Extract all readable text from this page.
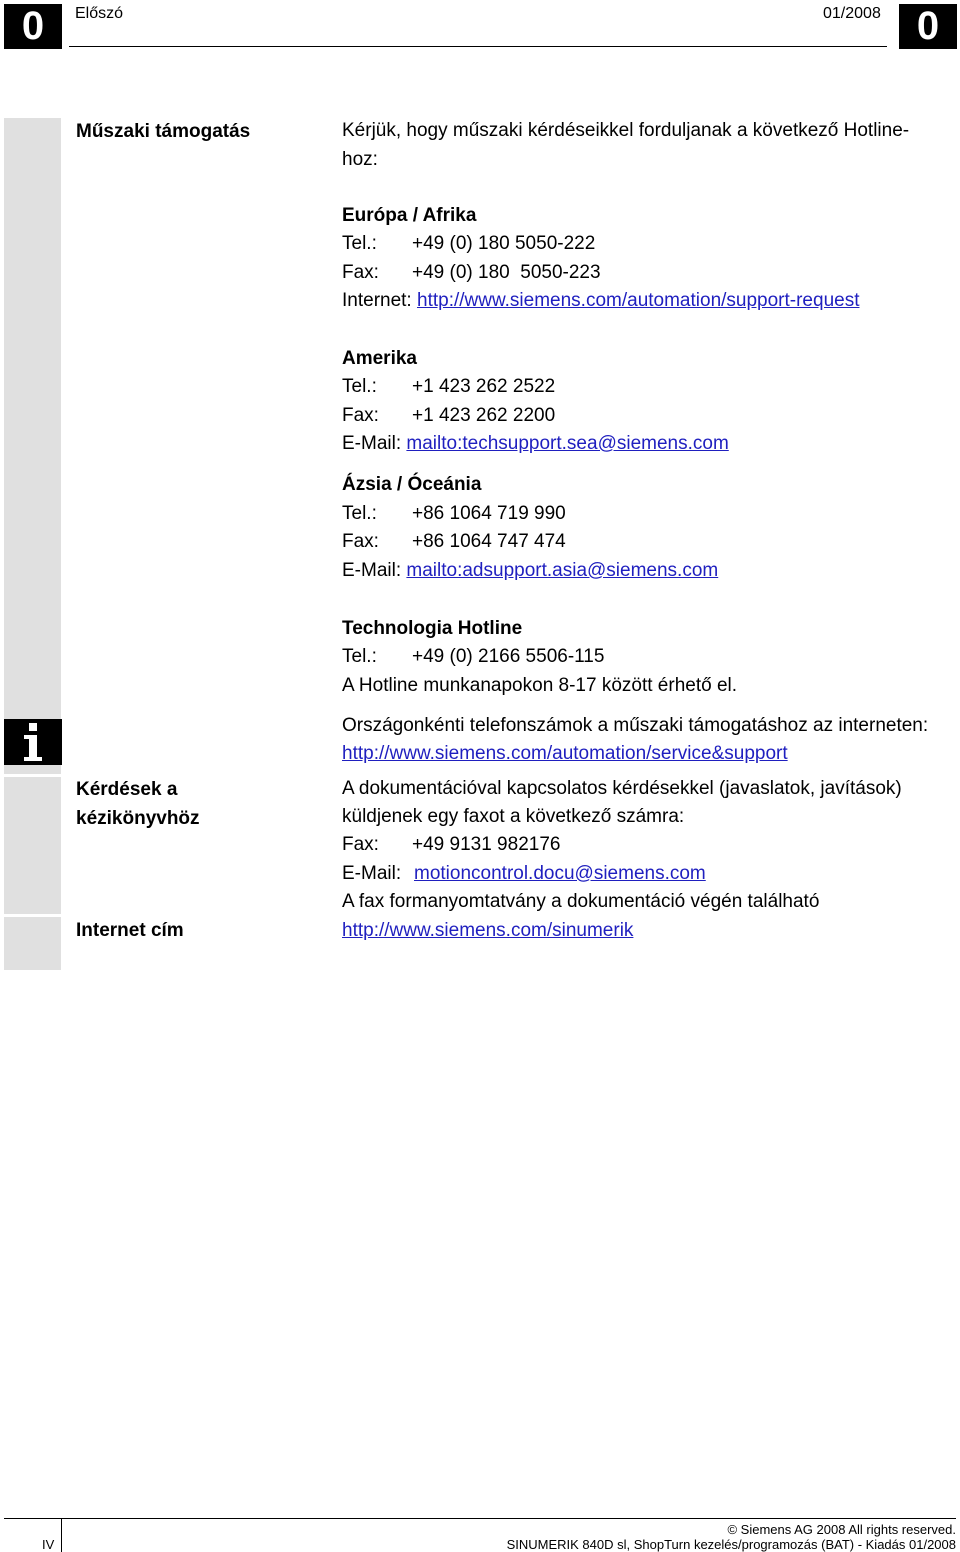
0	Előszó	01/2008 0
Műszaki támogatás
Kérdések a
kézikönyvhöz
Internet cím
Kérjük, hogy műszaki kérdéseikkel forduljanak a következő Hotline-
hoz:
Európa / Afrika
Tel.: +49 (0) 180 5050-222
Fax: +49 (0) 180  5050-223
Internet: http://www.siemens.com/automation/support-request
Amerika
Tel.: +1 423 262 2522
Fax: +1 423 262 2200
E-Mail: mailto:techsupport.sea@siemens.com
Ázsia / Óceánia
Tel.: +86 1064 719 990
Fax: +86 1064 747 474
E-Mail: mailto:adsupport.asia@siemens.com
Technologia Hotline
Tel.: +49 (0) 2166 5506-115
A Hotline munkanapokon 8-17 között érhető el.
Országonkénti telefonszámok a műszaki támogatáshoz az interneten:
http://www.siemens.com/automation/service&support
A dokumentációval kapcsolatos kérdésekkel (javaslatok, javítások)
küldjenek egy faxot a következő számra:
Fax: +49 9131 982176
E-Mail: motioncontrol.docu@siemens.com
A fax formanyomtatvány a dokumentáció végén található
http://www.siemens.com/sinumerik
IV
© Siemens AG 2008 All rights reserved.
SINUMERIK 840D sl, ShopTurn kezelés/programozás (BAT) - Kiadás 01/2008
